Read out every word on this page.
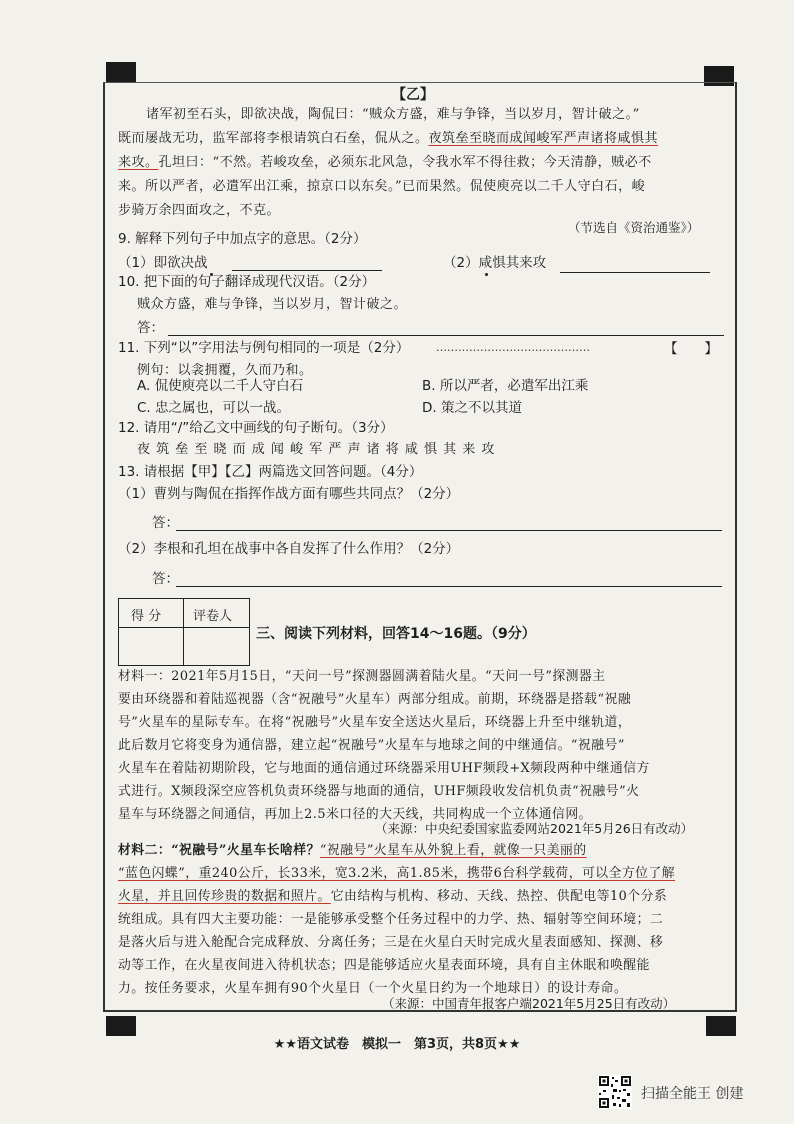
【乙】
诸军初至石头，即欲决战，陶侃曰：“贼众方盛，难与争锋，当以岁月，智计破之。”
既而屡战无功，监军部将李根请筑白石垒，侃从之。夜筑垒至晓而成闻峻军严声诸将咸惧其
来攻。孔坦曰：“不然。若峻攻垒，必须东北风急，令我水军不得往救；今天清静，贼必不
来。所以严者，必遣军出江乘，掠京口以东矣。”已而果然。侃使庾亮以二千人守白石，峻
步骑万余四面攻之，不克。
（节选自《资治通鉴》）
9. 解释下列句子中加点字的意思。（2分）
（1）即欲决战	（2）咸惧其来攻
10. 把下面的句子翻译成现代汉语。（2分）
贼众方盛，难与争锋，当以岁月，智计破之。
答：
11. 下列“以”字用法与例句相同的一项是（2分） ……………………………………	【　　】
例句：以衾拥覆，久而乃和。
A. 侃使庾亮以二千人守白石	B. 所以严者，必遣军出江乘
C. 忠之属也，可以一战。	D. 策之不以其道
12. 请用“/”给乙文中画线的句子断句。（3分）
夜 筑 垒 至 晓 而 成 闻 峻 军 严 声 诸 将 咸 惧 其 来 攻
13. 请根据【甲】【乙】两篇选文回答问题。（4分）
（1）曹刿与陶侃在指挥作战方面有哪些共同点？（2分）
答：
（2）李根和孔坦在战事中各自发挥了什么作用？（2分）
答：
得 分 评卷人
三、阅读下列材料，回答14～16题。（9分）
材料一：2021年5月15日，“天问一号”探测器圆满着陆火星。“天问一号”探测器主
要由环绕器和着陆巡视器（含“祝融号”火星车）两部分组成。前期，环绕器是搭载“祝融
号”火星车的星际专车。在将“祝融号”火星车安全送达火星后，环绕器上升至中继轨道，
此后数月它将变身为通信器，建立起“祝融号”火星车与地球之间的中继通信。“祝融号”
火星车在着陆初期阶段，它与地面的通信通过环绕器采用UHF频段+X频段两种中继通信方
式进行。X频段深空应答机负责环绕器与地面的通信，UHF频段收发信机负责“祝融号”火
星车与环绕器之间通信，再加上2.5米口径的大天线，共同构成一个立体通信网。
（来源：中央纪委国家监委网站2021年5月26日有改动）
材料二：“祝融号”火星车长啥样？“祝融号”火星车从外貌上看，就像一只美丽的
“蓝色闪蝶”，重240公斤，长33米，宽3.2米，高1.85米，携带6台科学载荷，可以全方位了解
火星，并且回传珍贵的数据和照片。它由结构与机构、移动、天线、热控、供配电等10个分系
统组成。具有四大主要功能：一是能够承受整个任务过程中的力学、热、辐射等空间环境；二
是落火后与进入舱配合完成释放、分离任务；三是在火星白天时完成火星表面感知、探测、移
动等工作，在火星夜间进入待机状态；四是能够适应火星表面环境，具有自主休眠和唤醒能
力。按任务要求，火星车拥有90个火星日（一个火星日约为一个地球日）的设计寿命。
（来源：中国青年报客户端2021年5月25日有改动）
★★语文试卷　模拟一　第3页，共8页★★
扫描全能王 创建
